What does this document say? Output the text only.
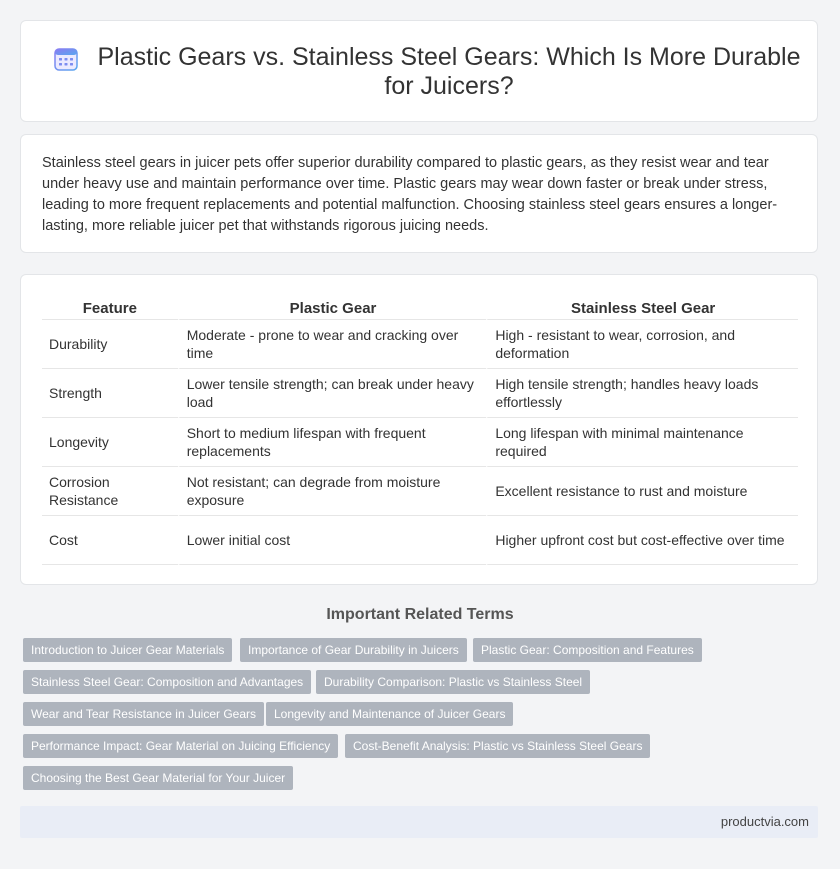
Plastic Gears vs. Stainless Steel Gears: Which Is More Durable for Juicers?

Stainless steel gears in juicer pets offer superior durability compared to plastic gears, as they resist wear and tear under heavy use and maintain performance over time. Plastic gears may wear down faster or break under stress, leading to more frequent replacements and potential malfunction. Choosing stainless steel gears ensures a longer-lasting, more reliable juicer pet that withstands rigorous juicing needs.

Feature	Plastic Gear	Stainless Steel Gear
Durability	Moderate - prone to wear and cracking over time	High - resistant to wear, corrosion, and deformation
Strength	Lower tensile strength; can break under heavy load	High tensile strength; handles heavy loads effortlessly
Longevity	Short to medium lifespan with frequent replacements	Long lifespan with minimal maintenance required
Corrosion Resistance	Not resistant; can degrade from moisture exposure	Excellent resistance to rust and moisture
Cost	Lower initial cost	Higher upfront cost but cost-effective over time
Important Related Terms
Introduction to Juicer Gear Materials	Importance of Gear Durability in Juicers	Plastic Gear: Composition and Features
Stainless Steel Gear: Composition and Advantages	Durability Comparison: Plastic vs Stainless Steel
Wear and Tear Resistance in Juicer Gears	Longevity and Maintenance of Juicer Gears
Performance Impact: Gear Material on Juicing Efficiency	Cost-Benefit Analysis: Plastic vs Stainless Steel Gears
Choosing the Best Gear Material for Your Juicer
productvia.com
